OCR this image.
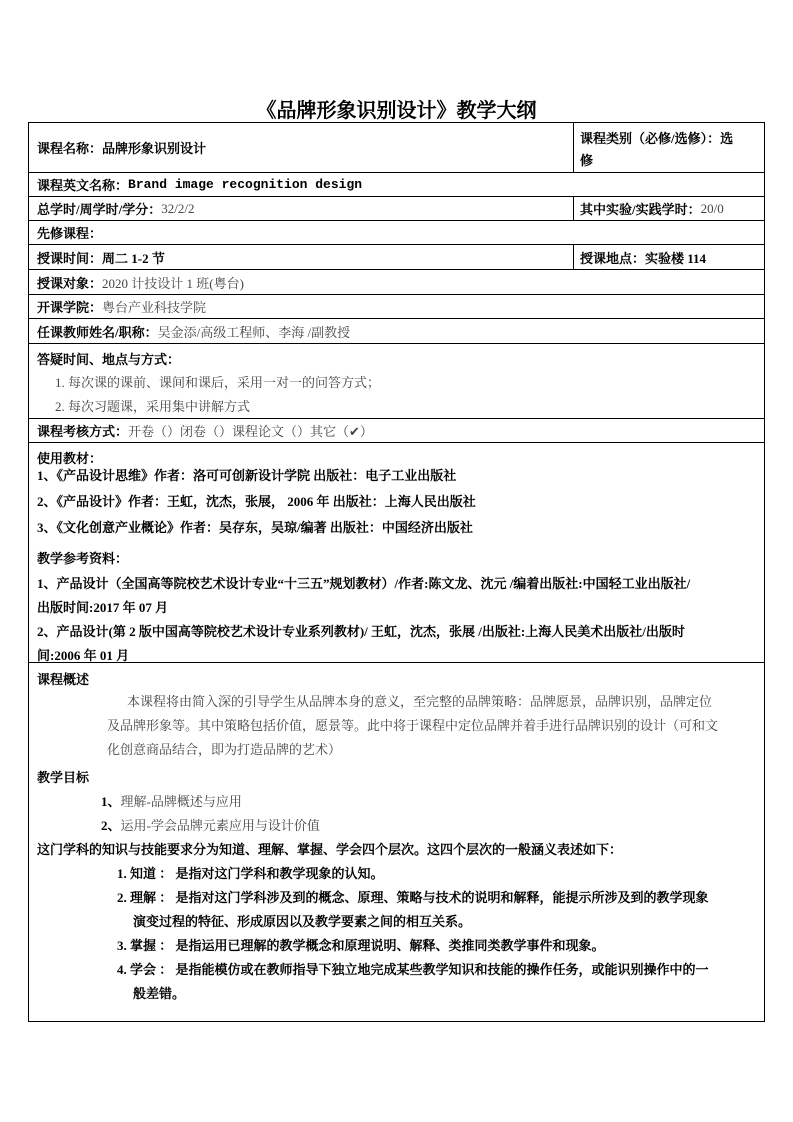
《品牌形象识别设计》教学大纲
课程名称： 品牌形象识别设计
课程类别（必修/选修）：选
修
课程英文名称： Brand image recognition design
总学时/周学时/学分： 32/2/2	其中实验/实践学时： 20/0
先修课程：
授课时间： 周二 1-2 节	授课地点： 实验楼 114
授课对象： 2020 计技设计 1 班(粤台)
开课学院： 粤台产业科技学院
任课教师姓名/职称： 吴金添/高级工程师、李海 /副教授
答疑时间、地点与方式：
1. 每次课的课前、课间和课后，采用一对一的问答方式；
2. 每次习题课，采用集中讲解方式
课程考核方式： 开卷（）闭卷（）课程论文（）其它（✔）
使用教材：
1、《产品设计思维》作者：洛可可创新设计学院 出版社：电子工业出版社
2、《产品设计》作者：王虹，沈杰，张展， 2006 年 出版社：上海人民出版社
3、《文化创意产业概论》作者：吴存东，吴琼/编著 出版社：中国经济出版社
教学参考资料：
1、产品设计（全国高等院校艺术设计专业“十三五”规划教材）/作者:陈文龙、沈元 /编着出版社:中国轻工业出版社/
出版时间:2017 年 07 月
2、产品设计(第 2 版中国高等院校艺术设计专业系列教材)/ 王虹，沈杰，张展 /出版社:上海人民美术出版社/出版时
间:2006 年 01 月
课程概述
本课程将由简入深的引导学生从品牌本身的意义，至完整的品牌策略：品牌愿景，品牌识别，品牌定位
及品牌形象等。其中策略包括价值，愿景等。此中将于课程中定位品牌并着手进行品牌识别的设计（可和文
化创意商品结合，即为打造品牌的艺术）
教学目标
1、理解-品牌概述与应用
2、运用-学会品牌元素应用与设计价值
这门学科的知识与技能要求分为知道、理解、掌握、学会四个层次。这四个层次的一般涵义表述如下：
1. 知道 ： 是指对这门学科和教学现象的认知。
2. 理解 ： 是指对这门学科涉及到的概念、原理、策略与技术的说明和解释，能提示所涉及到的教学现象
演变过程的特征、形成原因以及教学要素之间的相互关系。
3. 掌握 ： 是指运用已理解的教学概念和原理说明、解释、类推同类教学事件和现象。
4. 学会 ： 是指能模仿或在教师指导下独立地完成某些教学知识和技能的操作任务，或能识别操作中的一
般差错。
